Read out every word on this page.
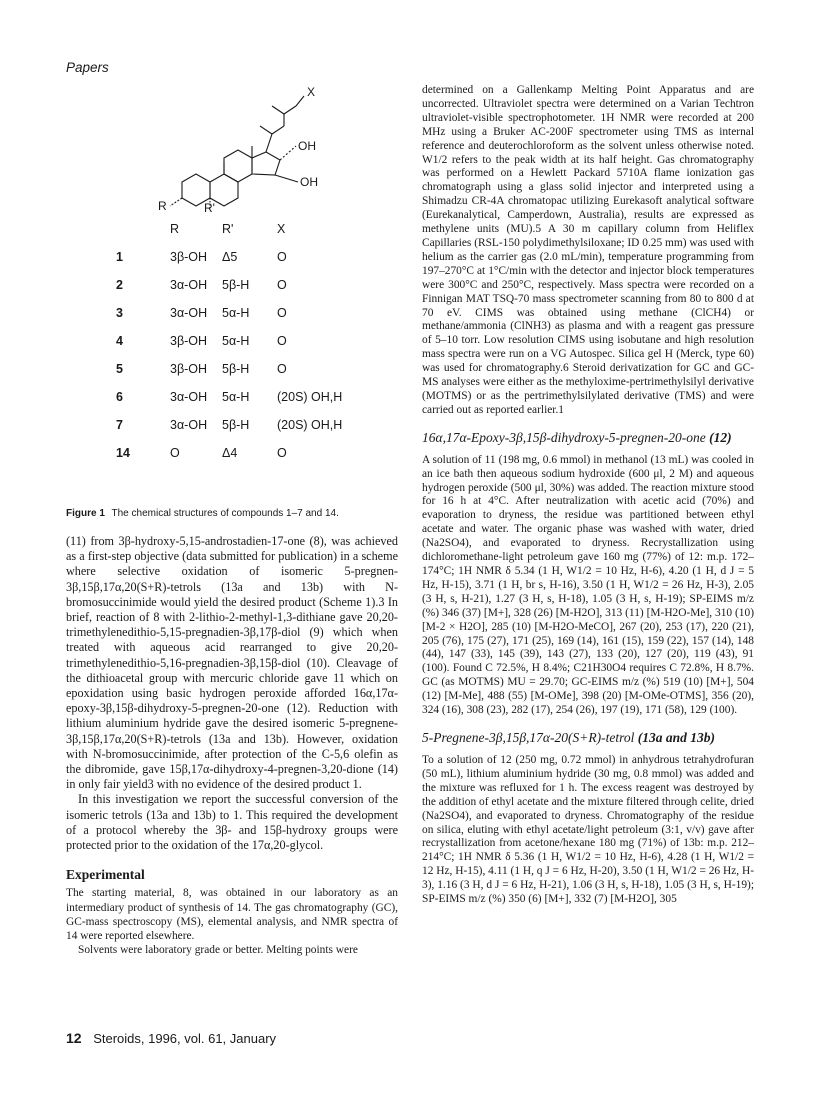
Papers
X
OH
OH
R	R'
R	R'	X
1	3β-OH Δ5	O
2	3α-OH 5β-H O
3	3α-OH 5α-H O
4	3β-OH 5α-H O
5	3β-OH 5β-H O
6	3α-OH 5α-H (20S) OH,H
7	3α-OH 5β-H (20S) OH,H
14	O	Δ4	O
Figure 1 The chemical structures of compounds 1–7 and 14.

(11) from 3β-hydroxy-5,15-androstadien-17-one (8), was achieved as a first-step objective (data submitted for publication) in a scheme where selective oxidation of isomeric 5-pregnen-3β,15β,17α,20(S+R)-tetrols (13a and 13b) with N-bromosuccinimide would yield the desired product (Scheme 1).3 In brief, reaction of 8 with 2-lithio-2-methyl-1,3-dithiane gave 20,20-trimethylenedithio-5,15-pregnadien-3β,17β-diol (9) which when treated with aqueous acid rearranged to give 20,20-trimethylenedithio-5,16-pregnadien-3β,15β-diol (10). Cleavage of the dithioacetal group with mercuric chloride gave 11 which on epoxidation using basic hydrogen peroxide afforded 16α,17α-epoxy-3β,15β-dihydroxy-5-pregnen-20-one (12). Reduction with lithium aluminium hydride gave the desired isomeric 5-pregnene-3β,15β,17α,20(S+R)-tetrols (13a and 13b). However, oxidation with N-bromosuccinimide, after protection of the C-5,6 olefin as the dibromide, gave 15β,17α-dihydroxy-4-pregnen-3,20-dione (14) in only fair yield3 with no evidence of the desired product 1.

In this investigation we report the successful conversion of the isomeric tetrols (13a and 13b) to 1. This required the development of a protocol whereby the 3β- and 15β-hydroxy groups were protected prior to the oxidation of the 17α,20-glycol.

Experimental

The starting material, 8, was obtained in our laboratory as an intermediary product of synthesis of 14. The gas chromatography (GC), GC-mass spectroscopy (MS), elemental analysis, and NMR spectra of 14 were reported elsewhere.

Solvents were laboratory grade or better. Melting points were

determined on a Gallenkamp Melting Point Apparatus and are uncorrected. Ultraviolet spectra were determined on a Varian Techtron ultraviolet-visible spectrophotometer. 1H NMR were recorded at 200 MHz using a Bruker AC-200F spectrometer using TMS as internal reference and deuterochloroform as the solvent unless otherwise noted. W1/2 refers to the peak width at its half height. Gas chromatography was performed on a Hewlett Packard 5710A flame ionization gas chromatograph using a glass solid injector and interpreted using a Shimadzu CR-4A chromatopac utilizing Eurekasoft analytical software (Eurekanalytical, Camperdown, Australia), results are expressed as methylene units (MU).5 A 30 m capillary column from Heliflex Capillaries (RSL-150 polydimethylsiloxane; ID 0.25 mm) was used with helium as the carrier gas (2.0 mL/min), temperature programming from 197–270°C at 1°C/min with the detector and injector block temperatures were 300°C and 250°C, respectively. Mass spectra were recorded on a Finnigan MAT TSQ-70 mass spectrometer scanning from 80 to 800 d at 70 eV. CIMS was obtained using methane (ClCH4) or methane/ammonia (ClNH3) as plasma and with a reagent gas pressure of 5–10 torr. Low resolution CIMS using isobutane and high resolution mass spectra were run on a VG Autospec. Silica gel H (Merck, type 60) was used for chromatography.6 Steroid derivatization for GC and GC-MS analyses were either as the methyloxime-pertrimethylsilyl derivative (MOTMS) or as the pertrimethylsilylated derivative (TMS) and were carried out as reported earlier.1

16α,17α-Epoxy-3β,15β-dihydroxy-5-pregnen-20-one (12)

A solution of 11 (198 mg, 0.6 mmol) in methanol (13 mL) was cooled in an ice bath then aqueous sodium hydroxide (600 μl, 2 M) and aqueous hydrogen peroxide (500 μl, 30%) was added. The reaction mixture stood for 16 h at 4°C. After neutralization with acetic acid (70%) and evaporation to dryness, the residue was partitioned between ethyl acetate and water. The organic phase was washed with water, dried (Na2SO4), and evaporated to dryness. Recrystallization using dichloromethane-light petroleum gave 160 mg (77%) of 12: m.p. 172–174°C; 1H NMR δ 5.34 (1 H, W1/2 = 10 Hz, H-6), 4.20 (1 H, d J = 5 Hz, H-15), 3.71 (1 H, br s, H-16), 3.50 (1 H, W1/2 = 26 Hz, H-3), 2.05 (3 H, s, H-21), 1.27 (3 H, s, H-18), 1.05 (3 H, s, H-19); SP-EIMS m/z (%) 346 (37) [M+], 328 (26) [M-H2O], 313 (11) [M-H2O-Me], 310 (10) [M-2 × H2O], 285 (10) [M-H2O-MeCO], 267 (20), 253 (17), 220 (21), 205 (76), 175 (27), 171 (25), 169 (14), 161 (15), 159 (22), 157 (14), 148 (44), 147 (33), 145 (39), 143 (27), 133 (20), 127 (20), 119 (43), 91 (100). Found C 72.5%, H 8.4%; C21H30O4 requires C 72.8%, H 8.7%. GC (as MOTMS) MU = 29.70; GC-EIMS m/z (%) 519 (10) [M+], 504 (12) [M-Me], 488 (55) [M-OMe], 398 (20) [M-OMe-OTMS], 356 (20), 324 (16), 308 (23), 282 (17), 254 (26), 197 (19), 171 (58), 129 (100).

5-Pregnene-3β,15β,17α-20(S+R)-tetrol (13a and 13b)

To a solution of 12 (250 mg, 0.72 mmol) in anhydrous tetrahydrofuran (50 mL), lithium aluminium hydride (30 mg, 0.8 mmol) was added and the mixture was refluxed for 1 h. The excess reagent was destroyed by the addition of ethyl acetate and the mixture filtered through celite, dried (Na2SO4), and evaporated to dryness. Chromatography of the residue on silica, eluting with ethyl acetate/light petroleum (3:1, v/v) gave after recrystallization from acetone/hexane 180 mg (71%) of 13b: m.p. 212–214°C; 1H NMR δ 5.36 (1 H, W1/2 = 10 Hz, H-6), 4.28 (1 H, W1/2 = 12 Hz, H-15), 4.11 (1 H, q J = 6 Hz, H-20), 3.50 (1 H, W1/2 = 26 Hz, H-3), 1.16 (3 H, d J = 6 Hz, H-21), 1.06 (3 H, s, H-18), 1.05 (3 H, s, H-19); SP-EIMS m/z (%) 350 (6) [M+], 332 (7) [M-H2O], 305

12 Steroids, 1996, vol. 61, January
